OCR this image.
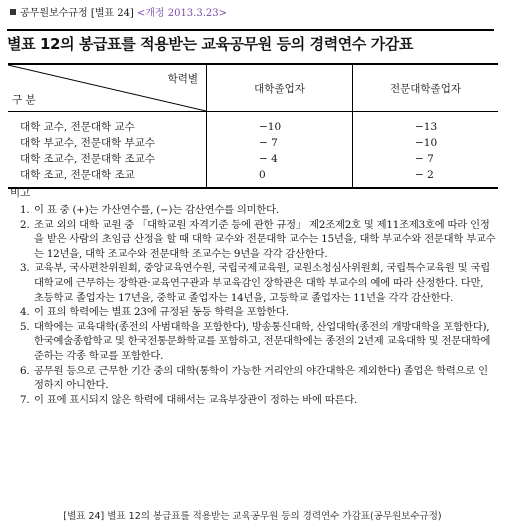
공무원보수규정 [별표 24] <개정 2013.3.23>
별표 12의 봉급표를 적용받는 교육공무원 등의 경력연수 가감표
학력별
구 분	대학졸업자	전문대학졸업자
대학 교수, 전문대학 교수	−10	−13
대학 부교수, 전문대학 부교수	− 7	−10
대학 조교수, 전문대학 조교수	− 4	− 7
대학 조교, 전문대학 조교	0	− 2
비고
1. 이 표 중 (+)는 가산연수를, (−)는 감산연수를 의미한다.
2. 조교 외의 대학 교원 중 「대학교원 자격기준 등에 관한 규정」 제2조제2호 및 제11조제3호에 따라 인정을 받은 사람의 초임급 산정을 할 때 대학 교수와 전문대학 교수는 15년을, 대학 부교수와 전문대학 부교수는 12년을, 대학 조교수와 전문대학 조교수는 9년을 각각 감산한다.
3. 교육부, 국사편찬위원회, 중앙교육연수원, 국립국제교육원, 교원소청심사위원회, 국립특수교육원 및 국립대학교에 근무하는 장학관·교육연구관과 부교육감인 장학관은 대학 부교수의 예에 따라 산정한다. 다만, 초등학교 졸업자는 17년을, 중학교 졸업자는 14년을, 고등학교 졸업자는 11년을 각각 감산한다.
4. 이 표의 학력에는 별표 23에 규정된 동등 학력을 포함한다.
5. 대학에는 교육대학(종전의 사범대학을 포함한다), 방송통신대학, 산업대학(종전의 개방대학을 포함한다), 한국예술종합학교 및 한국전통문화학교를 포함하고, 전문대학에는 종전의 2년제 교육대학 및 전문대학에 준하는 각종 학교를 포함한다.
6. 공무원 등으로 근무한 기간 중의 대학(통학이 가능한 거리안의 야간대학은 제외한다) 졸업은 학력으로 인정하지 아니한다.
7. 이 표에 표시되지 않은 학력에 대해서는 교육부장관이 정하는 바에 따른다.
[별표 24] 별표 12의 봉급표를 적용받는 교육공무원 등의 경력연수 가감표(공무원보수규정)
